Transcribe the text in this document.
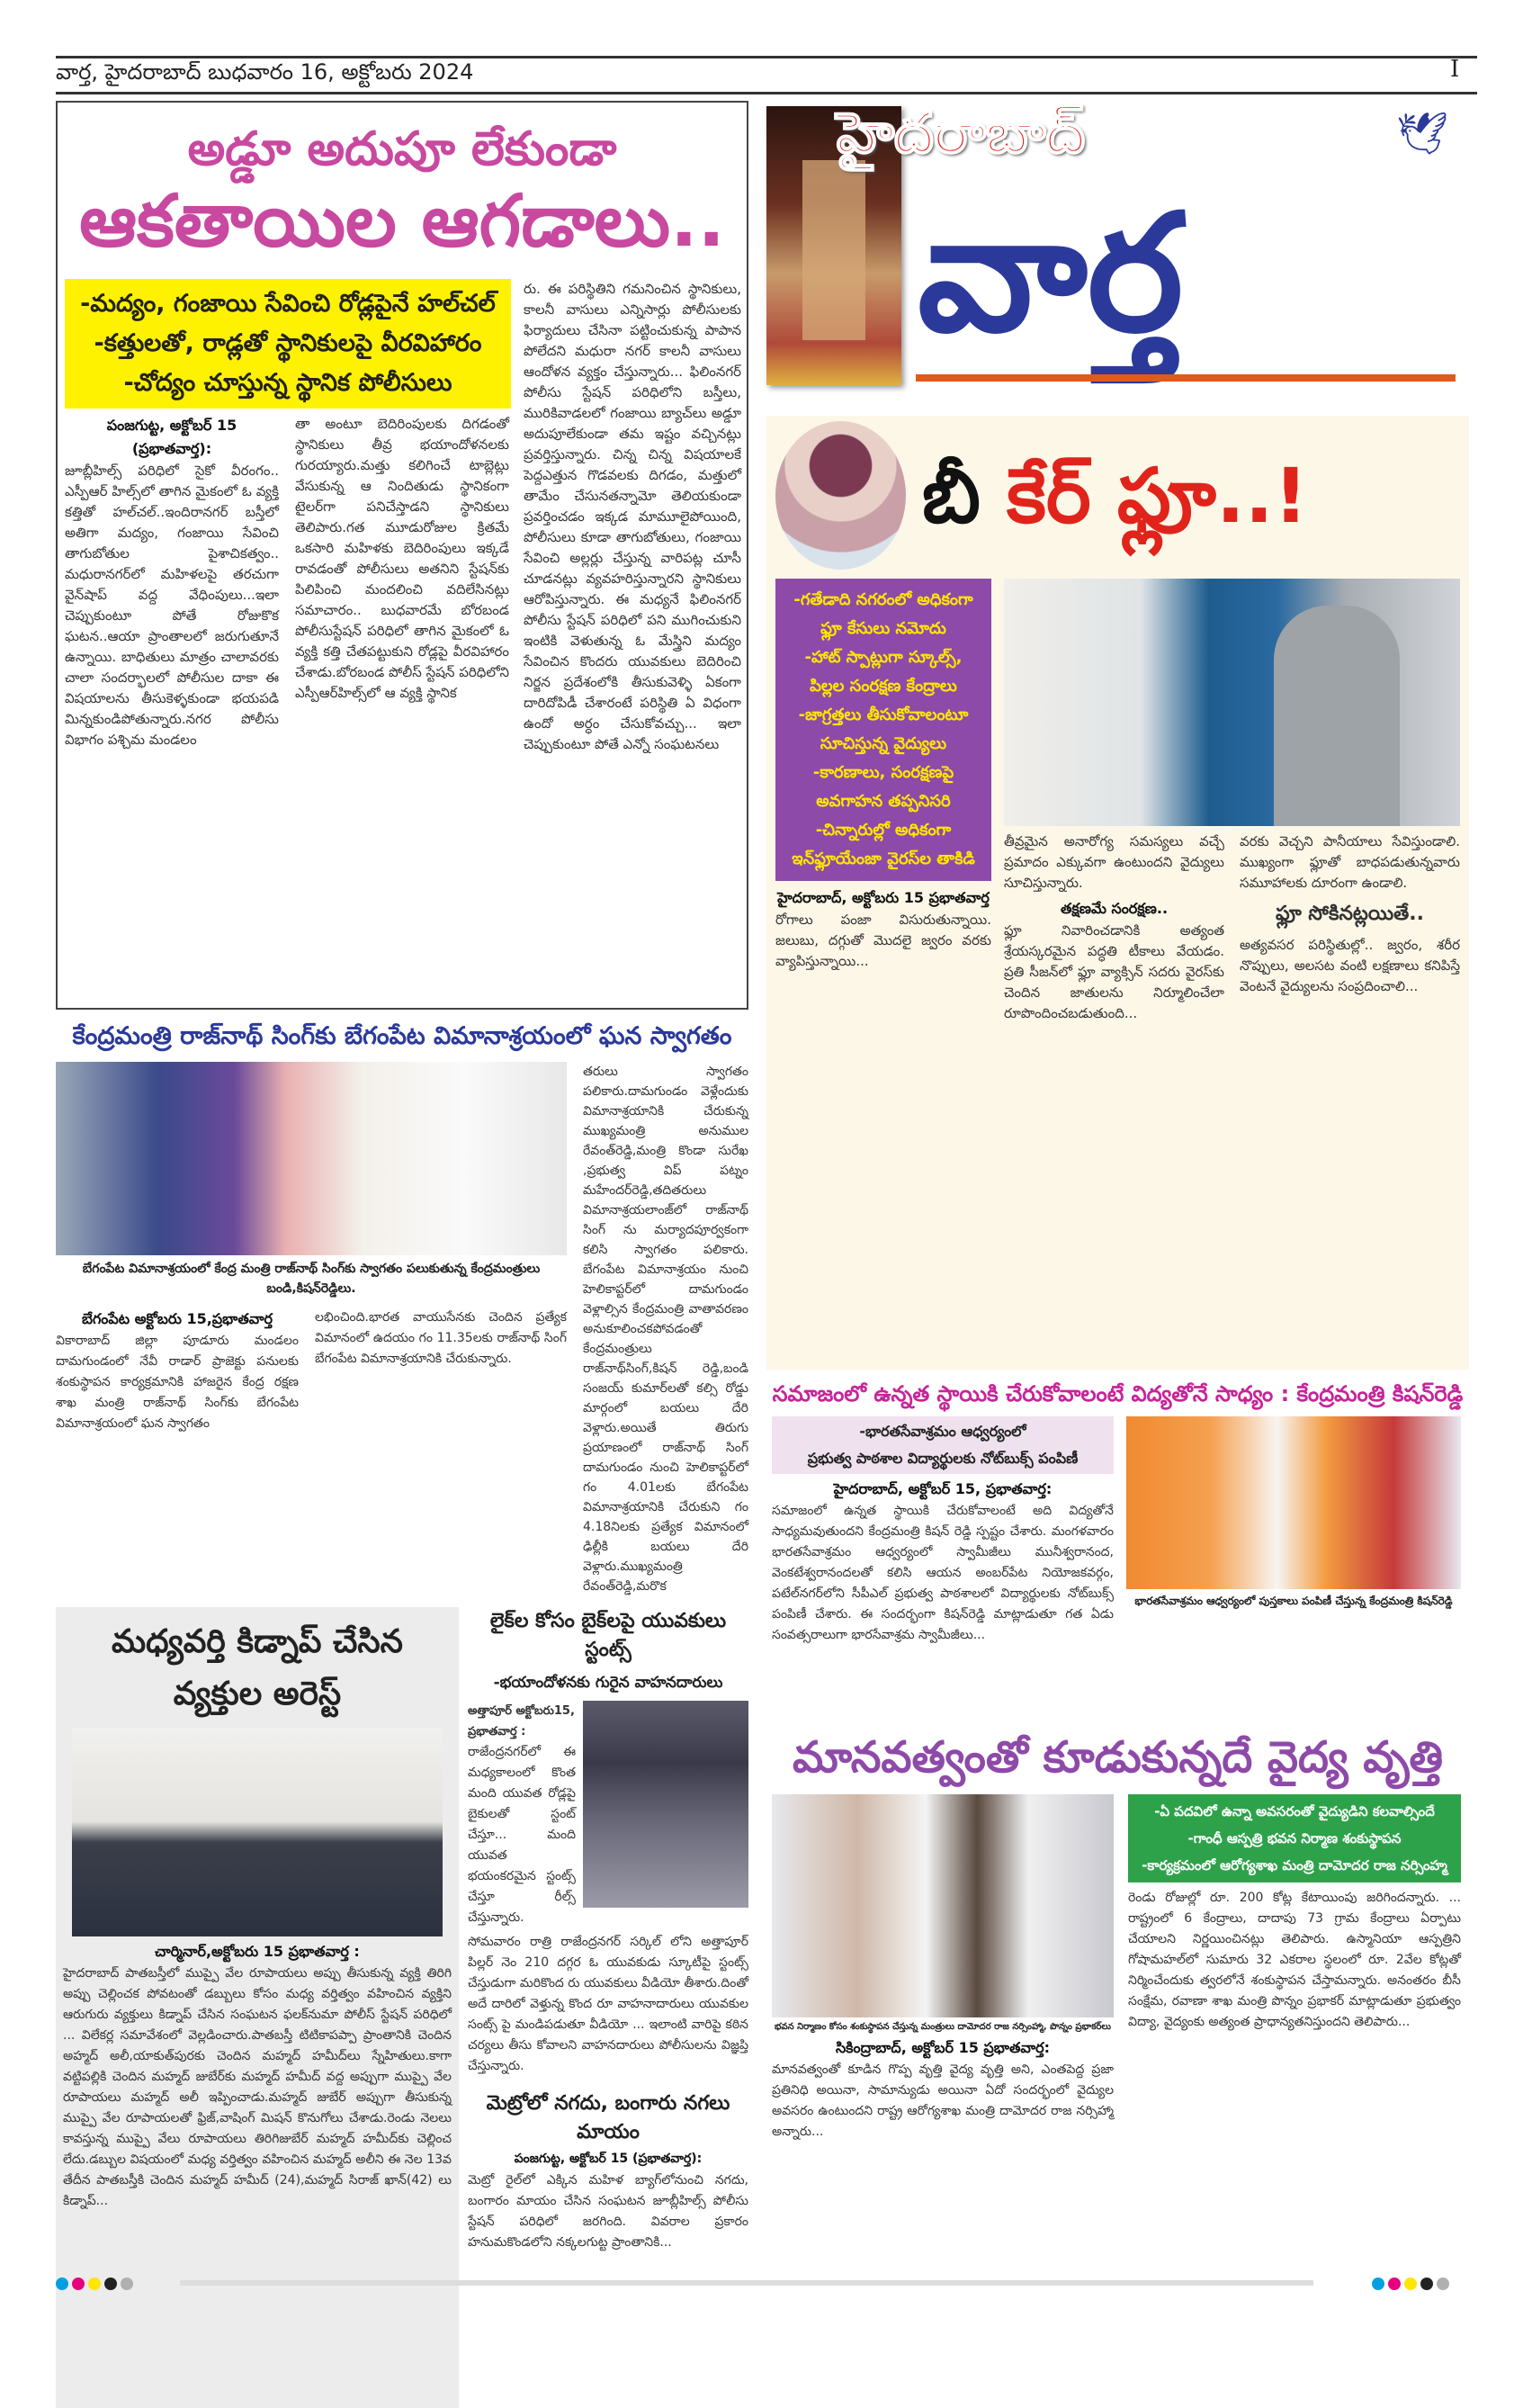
వార్త, హైదరాబాద్ బుధవారం 16, అక్టోబరు 2024	I
అడ్డూ అదుపూ లేకుండా
ఆకతాయిల ఆగడాలు..
-మద్యం, గంజాయి సేవించి రోడ్లపైనే హల్‌చల్
-కత్తులతో, రాడ్లతో స్థానికులపై వీరవిహారం
-చోద్యం చూస్తున్న స్థానిక పోలీసులు
పంజగుట్ట, అక్టోబర్ 15 (ప్రభాతవార్త):

జూబ్లీహిల్స్ పరిధిలో సైకో వీరంగం.. ఎస్పీఆర్ హిల్స్‌లో తాగిన మైకంలో ఓ వ్యక్తి కత్తితో హల్‌చల్..ఇందిరానగర్ బస్తీలో అతిగా మద్యం, గంజాయి సేవించి తాగుబోతుల పైశాచికత్వం.. మధురానగర్‌లో మహిళలపై తరచుగా వైన్‌షాప్ వద్ద వేధింపులు...ఇలా చెప్పుకుంటూ పోతే రోజుకొక ఘటన..ఆయా ప్రాంతాలలో జరుగుతూనే ఉన్నాయి. బాధితులు మాత్రం చాలావరకు చాలా సందర్భాలలో పోలీసుల దాకా ఈ విషయాలను తీసుకెళ్ళకుండా భయపడి మిన్నకుండిపోతున్నారు.నగర పోలీసు విభాగం పశ్చిమ మండలం

తా అంటూ బెదిరింపులకు దిగడంతో స్థానికులు తీవ్ర భయాందోళనలకు గురయ్యారు.మత్తు కలిగించే టాబ్లెట్లు వేసుకున్న ఆ నిందితుడు స్థానికంగా టైలర్‌గా పనిచేస్తాడని స్థానికులు తెలిపారు.గత మూడురోజుల క్రితమే ఒకసారి మహిళకు బెదిరింపులు ఇక్కడే రావడంతో పోలీసులు అతనిని స్టేషన్‌కు పిలిపించి మందలించి వదిలేసినట్లు సమాచారం.. బుధవారమే బోరబండ పోలీసుస్టేషన్ పరిధిలో తాగిన మైకంలో ఓ వ్యక్తి కత్తి చేతపట్టుకుని రోడ్లపై వీరవిహారం చేశాడు.బోరబండ పోలీస్ స్టేషన్ పరిధిలోని ఎస్పీఆర్‌హిల్స్‌లో ఆ వ్యక్తి స్థానిక

రు. ఈ పరిస్థితిని గమనించిన స్థానికులు, కాలనీ వాసులు ఎన్నిసార్లు పోలీసులకు ఫిర్యాదులు చేసినా పట్టించుకున్న పాపాన పోలేదని మధురా నగర్ కాలనీ వాసులు ఆందోళన వ్యక్తం చేస్తున్నారు... ఫిలింనగర్ పోలీసు స్టేషన్ పరిధిలోని బస్తీలు, మురికివాడలలో గంజాయి బ్యాచ్‌లు అడ్డూ అదుపూలేకుండా తమ ఇష్టం వచ్చినట్లు ప్రవర్తిస్తున్నారు. చిన్న చిన్న విషయాలకే పెద్దఎత్తున గొడవలకు దిగడం, మత్తులో తామేం చేసునతన్నామో తెలియకుండా ప్రవర్తించడం ఇక్కడ మామూలైపోయింది, పోలీసులు కూడా తాగుబోతులు, గంజాయి సేవించి అల్లర్లు చేస్తున్న వారిపట్ల చూసీ చూడనట్లు వ్యవహరిస్తున్నారని స్థానికులు ఆరోపిస్తున్నారు. ఈ మధ్యనే ఫిలింనగర్ పోలీసు స్టేషన్ పరిధిలో పని ముగించుకుని ఇంటికి వెళుతున్న ఓ మేస్త్రిని మద్యం సేవించిన కొందరు యువకులు బెదిరించి నిర్జన ప్రదేశంలోకి తీసుకువెళ్ళి ఏకంగా దారిదోపిడీ చేశారంటే పరిస్థితి ఏ విధంగా ఉందో అర్ధం చేసుకోవచ్చు... ఇలా చెప్పుకుంటూ పోతే ఎన్నో సంఘటనలు

కేంద్రమంత్రి రాజ్‌నాథ్ సింగ్‌కు బేగంపేట విమానాశ్రయంలో ఘన స్వాగతం
బేగంపేట విమానాశ్రయంలో కేంద్ర మంత్రి రాజ్‌నాథ్ సింగ్‌కు స్వాగతం పలుకుతున్న కేంద్రమంత్రులు బండి,కిషన్‌రెడ్డిలు.
బేగంపేట అక్టోబరు 15,ప్రభాతవార్త

వికారాబాద్ జిల్లా పూడూరు మండలం దామగుండంలో నేవీ రాడార్ ప్రాజెక్టు పనులకు శంకుస్థాపన కార్యక్రమానికి హాజరైన కేంద్ర రక్షణ శాఖ మంత్రి రాజ్‌నాథ్ సింగ్‌కు బేగంపేట విమానాశ్రయంలో ఘన స్వాగతం

లభించింది.భారత వాయుసేనకు చెందిన ప్రత్యేక విమానంలో ఉదయం గం 11.35లకు రాజ్‌నాథ్ సింగ్ బేగంపేట విమానాశ్రయానికి చేరుకున్నారు.

తరులు స్వాగతం పలికారు.దామగుండం వెళ్లేందుకు విమానాశ్రయానికి చేరుకున్న ముఖ్యమంత్రి అనుముల రేవంత్‌రెడ్డి,మంత్రి కొండా సురేఖ ,ప్రభుత్వ విప్ పట్నం మహేందర్‌రెడ్డి,తదితరులు విమానాశ్రయలాంజ్‌లో రాజ్‌నాథ్ సింగ్ ను మర్యాదపూర్వకంగా కలిసి స్వాగతం పలికారు. బేగంపేట విమానాశ్రయం నుంచి హెలికాప్టర్‌లో దామగుండం వెళ్లాల్సిన కేంద్రమంత్రి వాతావరణం అనుకూలించకపోవడంతో కేంద్రమంత్రులు రాజ్‌నాథ్‌సింగ్,కిషన్ రెడ్డి,బండి సంజయ్ కుమార్‌లతో కల్సి రోడ్డు మార్గంలో బయలు దేరి వెళ్లారు.అయితే తిరుగు ప్రయాణంలో రాజ్‌నాథ్ సింగ్ దామగుండం నుంచి హెలికాప్టర్‌లో గం 4.01లకు బేగంపేట విమానాశ్రయానికి చేరుకుని గం 4.18నిలకు ప్రత్యేక విమానంలో ఢిల్లీకి బయలు దేరి వెళ్లారు.ముఖ్యమంత్రి రేవంత్‌రెడ్డి,మరొక

మధ్యవర్తి కిడ్నాప్ చేసిన
వ్యక్తుల అరెస్ట్
చార్మినార్,అక్టోబరు 15 ప్రభాతవార్త :

హైదరాబాద్ పాతబస్తీలో ముప్పై వేల రూపాయలు అప్పు తీసుకున్న వ్యక్తి తిరిగి అప్పు చెల్లించక పోవటంతో డబ్బులు కోసం మధ్య వర్తిత్వం వహించిన వ్యక్తిని ఆరుగురు వ్యక్తులు కిడ్నాప్ చేసిన సంఘటన ఫలక్‌నుమా పోలీస్ స్టేషన్ పరిధిలో ... విలేకర్ల సమావేశంలో వెల్లడించారు.పాతబస్తీ టిటికాపప్పా ప్రాంతానికి చెందిన అహ్మద్ అలీ,యాకుత్‌పురకు చెందిన మహ్మద్ హమీద్‌లు స్నేహితులు.కాగా వట్టిపల్లికి చెందిన మహ్మద్ జుబేర్‌కు మహ్మద్ హమీద్ వద్ద అప్పుగా ముప్పై వేల రూపాయలు మహ్మద్ అలీ ఇప్పించాడు.మహ్మద్ జుబేర్ అప్పుగా తీసుకున్న ముప్పై వేల రూపాయలతో ఫ్రిజ్,వాషింగ్ మిషన్ కొనుగోలు చేశాడు.రెండు నెలలు కావస్తున్న ముప్పై వేలు రూపాయలు తిరిగిజుబేర్ మహ్మద్ హమీద్‌కు చెల్లించ లేదు.డబ్బుల విషయంలో మధ్య వర్తిత్వం వహించిన మహ్మద్ అలీని ఈ నెల 13వ తేదీన పాతబస్తీకి చెందిన మహ్మద్ హమీద్ (24),మహ్మద్ సిరాజ్ ఖాన్(42) లు కిడ్నాప్...

లైక్‌ల కోసం బైక్‌లపై యువకులు స్టంట్స్
-భయాందోళనకు గురైన వాహనదారులు
అత్తాపూర్ అక్టోబరు15, ప్రభాతవార్త :

రాజేంద్రనగర్‌లో ఈ మధ్యకాలంలో కొంత మంది యువత రోడ్లపై బైకులతో స్టంట్ చేస్తూ... మంది యువత భయంకరమైన స్టంట్స్ చేస్తూ రీల్స్ చేస్తున్నారు.

సోమవారం రాత్రి రాజేంద్రనగర్ సర్కిల్ లోని అత్తాపూర్ పిల్లర్ నెం 210 దగ్గర ఓ యువకుడు స్కూటీపై స్టంట్స్ చేస్తుడుగా మరికొంద రు యువకులు వీడియో తీశారు.దింతో అదే దారిలో వెళ్తున్న కొంద రూ వాహనాదారులు యువకుల సంట్స్ పై మండిపడుతూ వీడియో ... ఇలాంటి వారిపై కఠిన చర్యలు తీసు కోవాలని వాహనదారులు పోలీసులను విజ్ఞప్తి చేస్తున్నారు.

మెట్రోలో నగదు, బంగారు నగలు మాయం
పంజగుట్ట, అక్టోబర్ 15 (ప్రభాతవార్త):

మెట్రో రైల్‌లో ఎక్కిన మహిళ బ్యాగ్‌లోనుంచి నగదు, బంగారం మాయం చేసిన సంఘటన జూబ్లీహిల్స్ పోలీసు స్టేషన్ పరిధిలో జరగింది. వివరాల ప్రకారం హనుమకొండలోని నక్కలగుట్ట ప్రాంతానికి...

హైదరాబాద్	🕊
వార్త
బీ కేర్ ఫ్లూ..!
-గతేడాది నగరంలో అధికంగా
ఫ్లూ కేసులు నమోదు
-హాట్ స్పాట్లుగా స్కూల్స్,
పిల్లల సంరక్షణ కేంద్రాలు
-జాగ్రత్తలు తీసుకోవాలంటూ
సూచిస్తున్న వైద్యులు
-కారణాలు, సంరక్షణపై
అవగాహన తప్పనిసరి
-చిన్నారుల్లో అధికంగా
ఇన్‌ఫ్లూయేంజా వైరస్‌ల తాకిడి
హైదరాబాద్, అక్టోబరు 15 ప్రభాతవార్త

రోగాలు పంజా విసురుతున్నాయి. జలుబు, దగ్గుతో మొదలై జ్వరం వరకు వ్యాపిస్తున్నాయి...

తీవ్రమైన అనారోగ్య సమస్యలు వచ్చే ప్రమాదం ఎక్కువగా ఉంటుందని వైద్యులు సూచిస్తున్నారు.

తక్షణమే సంరక్షణ..

ఫ్లూ నివారించడానికి అత్యంత శ్రేయస్కరమైన పద్ధతి టీకాలు వేయడం. ప్రతి సీజన్‌లో ఫ్లూ వ్యాక్సిన్ సదరు వైరస్‌కు చెందిన జాతులను నిర్మూలించేలా రూపొందించబడుతుంది...

వరకు వెచ్చని పానీయాలు సేవిస్తుండాలి. ముఖ్యంగా ఫ్లూతో బాధపడుతున్నవారు సమూహాలకు దూరంగా ఉండాలి.

ఫ్లూ సోకినట్లయితే..

అత్యవసర పరిస్థితుల్లో.. జ్వరం, శరీర నొప్పులు, అలసట వంటి లక్షణాలు కనిపిస్తే వెంటనే వైద్యులను సంప్రదించాలి...

సమాజంలో ఉన్నత స్థాయికి చేరుకోవాలంటే విద్యతోనే సాధ్యం : కేంద్రమంత్రి కిషన్‌రెడ్డి
-భారతసేవాశ్రమం ఆధ్వర్యంలో
ప్రభుత్వ పాఠశాల విద్యార్థులకు నోట్‌బుక్స్ పంపిణీ
హైదరాబాద్, అక్టోబర్ 15, ప్రభాతవార్త:

సమాజంలో ఉన్నత స్థాయికి చేరుకోవాలంటే అది విద్యతోనే సాధ్యమవుతుందని కేంద్రమంత్రి కిషన్ రెడ్డి స్పష్టం చేశారు. మంగళవారం భారతసేవాశ్రమం ఆధ్వర్యంలో స్వామీజీలు మునీశ్వరానంద, వెంకటేశ్వరానందలతో కలిసి ఆయన అంబర్‌పేట నియోజకవర్గం, పటేల్‌నగర్‌లోని సీపీఎల్ ప్రభుత్వ పాఠశాలలో విద్యార్థులకు నోట్‌బుక్స్ పంపిణీ చేశారు. ఈ సందర్భంగా కిషన్‌రెడ్డి మాట్లాడుతూ గత ఏడు సంవత్సరాలుగా భారసేవాశ్రమ స్వామీజీలు...

భారతసేవాశ్రమం ఆధ్వర్యంలో పుస్తకాలు పంపిణీ చేస్తున్న కేంద్రమంత్రి కిషన్‌రెడ్డి
మానవత్వంతో కూడుకున్నదే వైద్య వృత్తి
భవన నిర్మాణం కోసం శంకుస్థాపన చేస్తున్న మంత్రులు దామోదర రాజ నర్సింహ్మా, పొన్నం ప్రభాకర్‌లు
సికింద్రాబాద్, అక్టోబర్ 15 ప్రభాతవార్త:

మానవత్వంతో కూడిన గొప్ప వృత్తి వైద్య వృత్తి అని, ఎంతపెద్ద ప్రజా ప్రతినిధి అయినా, సామాన్యుడు అయినా ఏదో సందర్భంలో వైద్యుల అవసరం ఉంటుందని రాష్ట్ర ఆరోగ్యశాఖ మంత్రి దామోదర రాజ నర్సిహ్మా అన్నారు...

-ఏ పదవిలో ఉన్నా అవసరంతో వైద్యుడిని కలవాల్సిందే
-గాంధీ ఆస్పత్రి భవన నిర్మాణ శంకుస్థాపన
-కార్యక్రమంలో ఆరోగ్యశాఖ మంత్రి దామోదర రాజ నర్సింహ్మ

రెండు రోజుల్లో రూ. 200 కోట్ల కేటాయింపు జరిగిందన్నారు. ... రాష్ట్రంలో 6 కేంద్రాలు, దాదాపు 73 గ్రామ కేంద్రాలు ఏర్పాటు చేయాలని నిర్ణయించినట్లు తెలిపారు. ఉస్మానియా ఆస్పత్రిని గోషామహల్‌లో సుమారు 32 ఎకరాల స్థలంలో రూ. 2వేల కోట్లతో నిర్మించేందుకు త్వరలోనే శంకుస్థాపన చేస్తామన్నారు. అనంతరం బీసీ సంక్షేమ, రవాణా శాఖ మంత్రి పొన్నం ప్రభాకర్ మాట్లాడుతూ ప్రభుత్వం విద్యా, వైద్యంకు అత్యంత ప్రాధాన్యతనిస్తుందని తెలిపారు...
